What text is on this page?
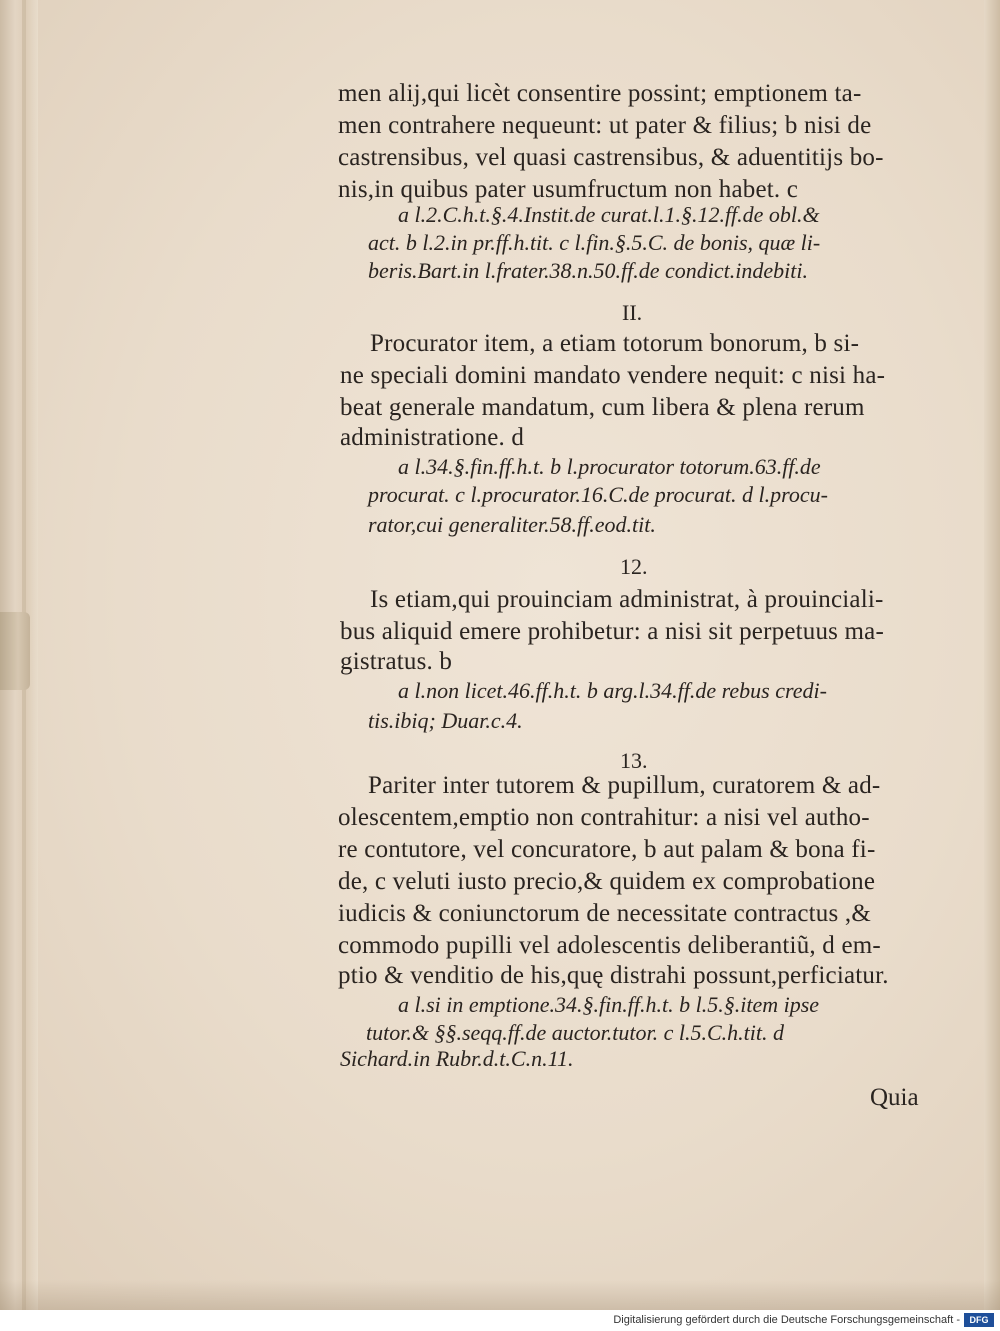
men alij,qui licèt consentire possint; emptionem ta-
men contrahere nequeunt: ut pater & filius; b nisi de
castrensibus, vel quasi castrensibus, & aduentitijs bo-
nis,in quibus pater usumfructum non habet. c
a l.2.C.h.t.§.4.Instit.de curat.l.1.§.12.ff.de obl.&
act. b l.2.in pr.ff.h.tit. c l.fin.§.5.C. de bonis, quæ li-
beris.Bart.in l.frater.38.n.50.ff.de condict.indebiti.
II.
Procurator item, a etiam totorum bonorum, b si-
ne speciali domini mandato vendere nequit: c nisi ha-
beat generale mandatum, cum libera & plena rerum
administratione. d
a l.34.§.fin.ff.h.t. b l.procurator totorum.63.ff.de
procurat. c l.procurator.16.C.de procurat. d l.procu-
rator,cui generaliter.58.ff.eod.tit.
12.
Is etiam,qui prouinciam administrat, à prouinciali-
bus aliquid emere prohibetur: a nisi sit perpetuus ma-
gistratus. b
a l.non licet.46.ff.h.t. b arg.l.34.ff.de rebus credi-
tis.ibiq; Duar.c.4.
13.
Pariter inter tutorem & pupillum, curatorem & ad-
olescentem,emptio non contrahitur: a nisi vel autho-
re contutore, vel concuratore, b aut palam & bona fi-
de, c veluti iusto precio,& quidem ex comprobatione
iudicis & coniunctorum de necessitate contractus ,&
commodo pupilli vel adolescentis deliberantiũ, d em-
ptio & venditio de his,quę distrahi possunt,perficiatur.
a l.si in emptione.34.§.fin.ff.h.t. b l.5.§.item ipse
tutor.& §§.seqq.ff.de auctor.tutor. c l.5.C.h.tit. d
Sichard.in Rubr.d.t.C.n.11.
Quia
Digitalisierung gefördert durch die Deutsche Forschungsgemeinschaft -	DFG
